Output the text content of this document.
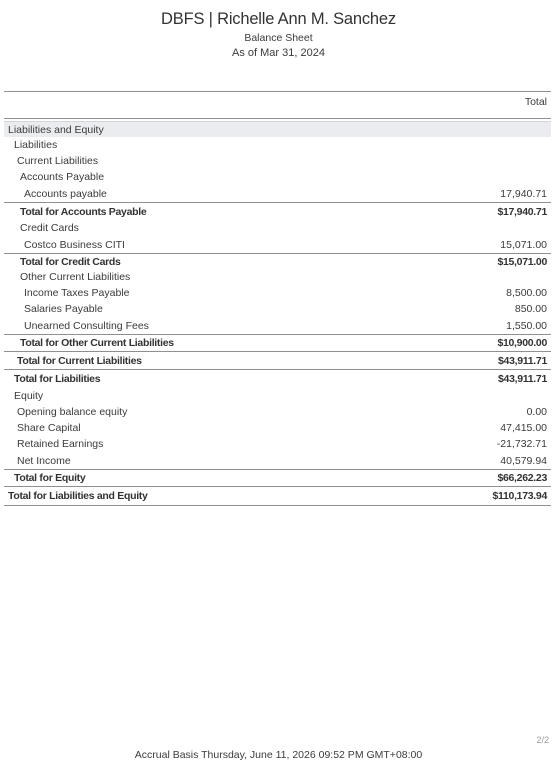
DBFS | Richelle Ann M. Sanchez
Balance Sheet
As of Mar 31, 2024
Total
Liabilities and Equity
Liabilities
Current Liabilities
Accounts Payable
Accounts payable	17,940.71
Total for Accounts Payable	$17,940.71
Credit Cards
Costco Business CITI	15,071.00
Total for Credit Cards	$15,071.00
Other Current Liabilities
Income Taxes Payable	8,500.00
Salaries Payable	850.00
Unearned Consulting Fees	1,550.00
Total for Other Current Liabilities	$10,900.00
Total for Current Liabilities	$43,911.71
Total for Liabilities	$43,911.71
Equity
Opening balance equity	0.00
Share Capital	47,415.00
Retained Earnings	-21,732.71
Net Income	40,579.94
Total for Equity	$66,262.23
Total for Liabilities and Equity	$110,173.94
2/2
Accrual Basis Thursday, June 11, 2026 09:52 PM GMT+08:00
